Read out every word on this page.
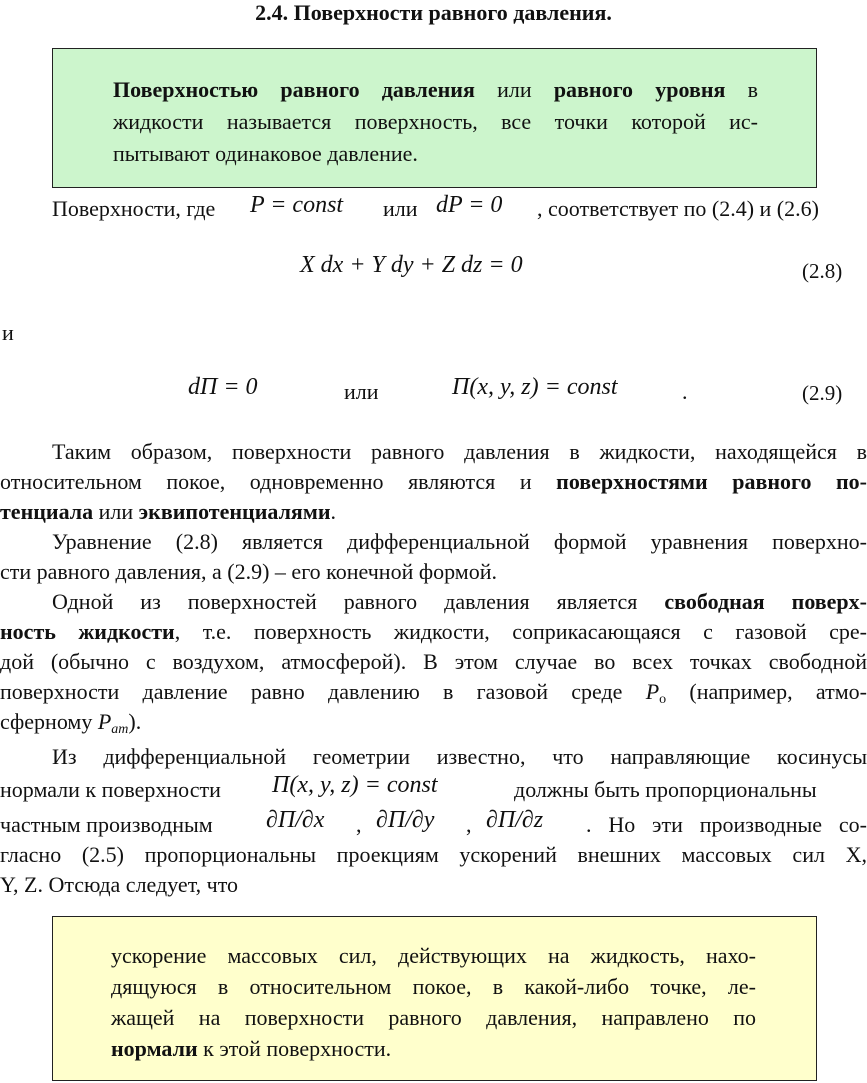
2.4. Поверхности равного давления.
Поверхностью равного давления или равного уровня в
жидкости называется поверхность, все точки которой ис-
пытывают одинаковое давление.
Поверхности, где P = const или dP = 0 , соответствует по (2.4) и (2.6)
X dx + Y dy + Z dz = 0	(2.8)
и
dП = 0	или	П(x, y, z) = const	.	(2.9)
Таким образом, поверхности равного давления в жидкости, находящейся в
относительном покое, одновременно являются и поверхностями равного по-
тенциала или эквипотенциалями.
Уравнение (2.8) является дифференциальной формой уравнения поверхно-
сти равного давления, а (2.9) – его конечной формой.
Одной из поверхностей равного давления является свободная поверх-
ность жидкости, т.е. поверхность жидкости, соприкасающаяся с газовой сре-
дой (обычно с воздухом, атмосферой). В этом случае во всех точках свободной
поверхности давление равно давлению в газовой среде $P_о$ (например, атмо-
сферному $P_{ат}$).
Из дифференциальной геометрии известно, что направляющие косинусы
нормали к поверхности П(x, y, z) = const	должны быть пропорциональны
частным производным ∂П/∂x , ∂П/∂y , ∂П/∂z . Но эти производные со-
гласно (2.5) пропорциональны проекциям ускорений внешних массовых сил X,
Y, Z. Отсюда следует, что
ускорение массовых сил, действующих на жидкость, нахо-
дящуюся в относительном покое, в какой-либо точке, ле-
жащей на поверхности равного давления, направлено по
нормали к этой поверхности.
